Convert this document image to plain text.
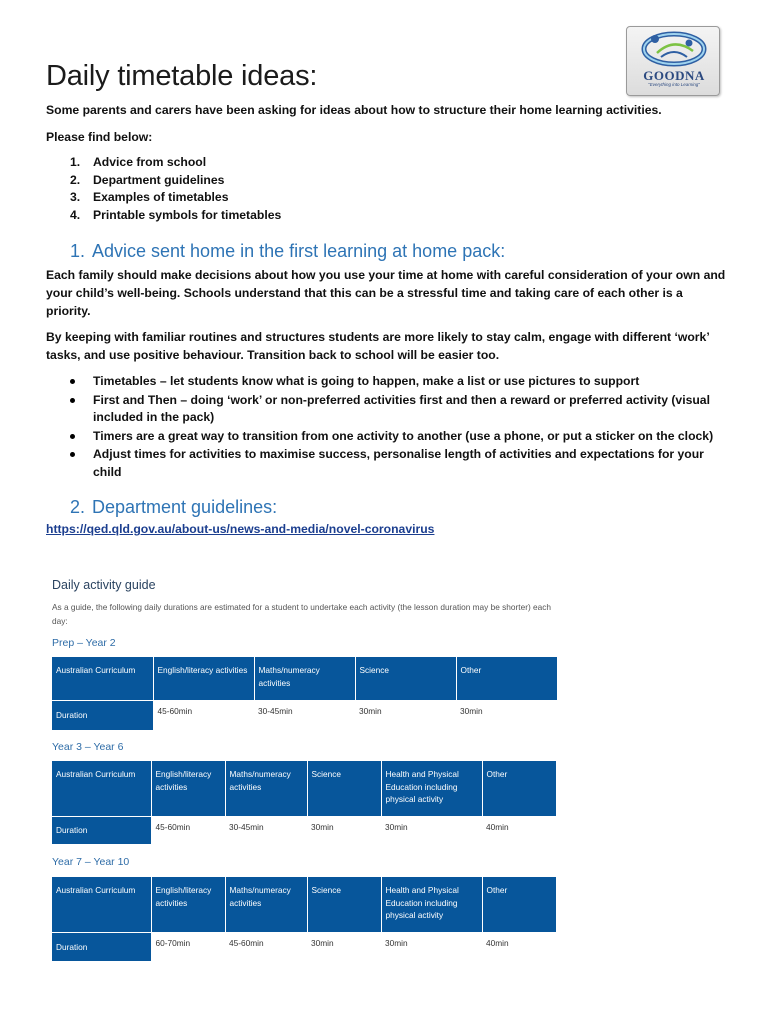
GOODNA
"Everything into Learning"
Daily timetable ideas:
Some parents and carers have been asking for ideas about how to structure their home learning activities.
Please find below:
1. Advice from school
2. Department guidelines
3. Examples of timetables
4. Printable symbols for timetables
1. Advice sent home in the first learning at home pack:
Each family should make decisions about how you use your time at home with careful consideration of your own and your child’s well-being. Schools understand that this can be a stressful time and taking care of each other is a priority.
By keeping with familiar routines and structures students are more likely to stay calm, engage with different ‘work’ tasks, and use positive behaviour. Transition back to school will be easier too.
Timetables – let students know what is going to happen, make a list or use pictures to support
First and Then – doing ‘work’ or non-preferred activities first and then a reward or preferred activity (visual included in the pack)
Timers are a great way to transition from one activity to another (use a phone, or put a sticker on the clock)
Adjust times for activities to maximise success, personalise length of activities and expectations for your child
2. Department guidelines:
https://qed.qld.gov.au/about-us/news-and-media/novel-coronavirus
Daily activity guide
As a guide, the following daily durations are estimated for a student to undertake each activity (the lesson duration may be shorter) each day:
Prep – Year 2
Australian Curriculum	English/literacy activities	Maths/numeracy activities	Science	Other
Duration	45-60min	30-45min	30min	30min
Year 3 – Year 6
Australian Curriculum	English/literacy activities	Maths/numeracy activities	Science	Health and Physical Education including physical activity	Other
Duration	45-60min	30-45min	30min	30min	40min
Year 7 – Year 10
Australian Curriculum	English/literacy activities	Maths/numeracy activities	Science	Health and Physical Education including physical activity	Other
Duration	60-70min	45-60min	30min	30min	40min
